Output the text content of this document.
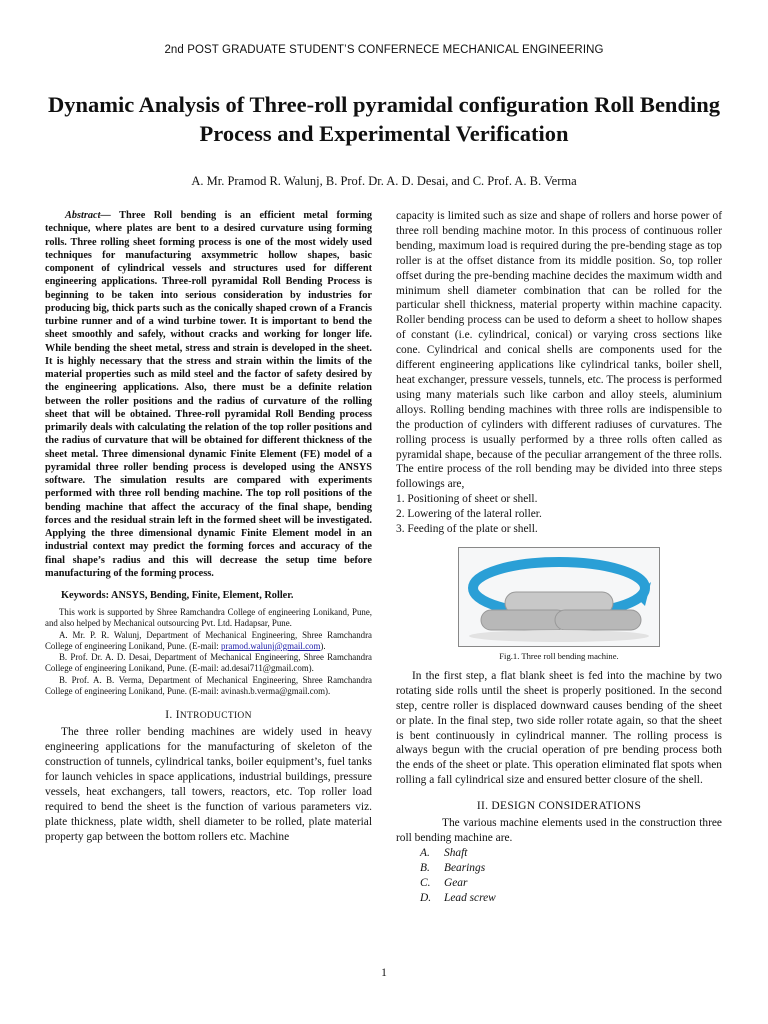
2nd POST GRADUATE STUDENT’S CONFERNECE MECHANICAL ENGINEERING
Dynamic Analysis of Three-roll pyramidal configuration Roll Bending Process and Experimental Verification
A. Mr. Pramod R. Walunj, B. Prof. Dr. A. D. Desai, and C. Prof. A. B. Verma

Abstract— Three Roll bending is an efficient metal forming technique, where plates are bent to a desired curvature using forming rolls. Three rolling sheet forming process is one of the most widely used techniques for manufacturing axsymmetric hollow shapes, basic component of cylindrical vessels and structures used for different engineering applications. Three-roll pyramidal Roll Bending Process is beginning to be taken into serious consideration by industries for producing big, thick parts such as the conically shaped crown of a Francis turbine runner and of a wind turbine tower. It is important to bend the sheet smoothly and safely, without cracks and working for longer life. While bending the sheet metal, stress and strain is developed in the sheet. It is highly necessary that the stress and strain within the limits of the material properties such as mild steel and the factor of safety desired by the engineering applications. Also, there must be a definite relation between the roller positions and the radius of curvature of the rolling sheet that will be obtained. Three-roll pyramidal Roll Bending process primarily deals with calculating the relation of the top roller positions and the radius of curvature that will be obtained for different thickness of the sheet metal. Three dimensional dynamic Finite Element (FE) model of a pyramidal three roller bending process is developed using the ANSYS software. The simulation results are compared with experiments performed with three roll bending machine. The top roll positions of the bending machine that affect the accuracy of the final shape, bending forces and the residual strain left in the formed sheet will be investigated. Applying the three dimensional dynamic Finite Element model in an industrial context may predict the forming forces and accuracy of the final shape’s radius and this will decrease the setup time before manufacturing of the forming process.

Keywords: ANSYS, Bending, Finite, Element, Roller.

This work is supported by Shree Ramchandra College of engineering Lonikand, Pune, and also helped by Mechanical outsourcing Pvt. Ltd. Hadapsar, Pune.

A. Mr. P. R. Walunj, Department of Mechanical Engineering, Shree Ramchandra College of engineering Lonikand, Pune. (E-mail: pramod.walunj@gmail.com).

B. Prof. Dr. A. D. Desai, Department of Mechanical Engineering, Shree Ramchandra College of engineering Lonikand, Pune. (E-mail: ad.desai711@gmail.com).

B. Prof. A. B. Verma, Department of Mechanical Engineering, Shree Ramchandra College of engineering Lonikand, Pune. (E-mail: avinash.b.verma@gmail.com).

I. INTRODUCTION

The three roller bending machines are widely used in heavy engineering applications for the manufacturing of skeleton of the construction of tunnels, cylindrical tanks, boiler equipment’s, fuel tanks for launch vehicles in space applications, industrial buildings, pressure vessels, heat exchangers, tall towers, reactors, etc. Top roller load required to bend the sheet is the function of various parameters viz. plate thickness, plate width, shell diameter to be rolled, plate material property gap between the bottom rollers etc. Machine

capacity is limited such as size and shape of rollers and horse power of three roll bending machine motor. In this process of continuous roller bending, maximum load is required during the pre-bending stage as top roller is at the offset distance from its middle position. So, top roller offset during the pre-bending machine decides the maximum width and minimum shell diameter combination that can be rolled for the particular shell thickness, material property within machine capacity. Roller bending process can be used to deform a sheet to hollow shapes of constant (i.e. cylindrical, conical) or varying cross sections like cone. Cylindrical and conical shells are components used for the different engineering applications like cylindrical tanks, boiler shell, heat exchanger, pressure vessels, tunnels, etc. The process is performed using many materials such like carbon and alloy steels, aluminium alloys. Rolling bending machines with three rolls are indispensible to the production of cylinders with different radiuses of curvatures. The rolling process is usually performed by a three rolls often called as pyramidal shape, because of the peculiar arrangement of the three rolls. The entire process of the roll bending may be divided into three steps followings are,

1. Positioning of sheet or shell.
2. Lowering of the lateral roller.
3. Feeding of the plate or shell.
Fig.1. Three roll bending machine.

In the first step, a flat blank sheet is fed into the machine by two rotating side rolls until the sheet is properly positioned. In the second step, centre roller is displaced downward causes bending of the sheet or plate. In the final step, two side roller rotate again, so that the sheet is bent continuously in cylindrical manner. The rolling process is always begun with the crucial operation of pre bending process both the ends of the sheet or plate. This operation eliminated flat spots when rolling a fall cylindrical size and ensured better closure of the shell.

II. DESIGN CONSIDERATIONS

The various machine elements used in the construction three roll bending machine are.

A. Shaft
B. Bearings
C. Gear
D. Lead screw
1
